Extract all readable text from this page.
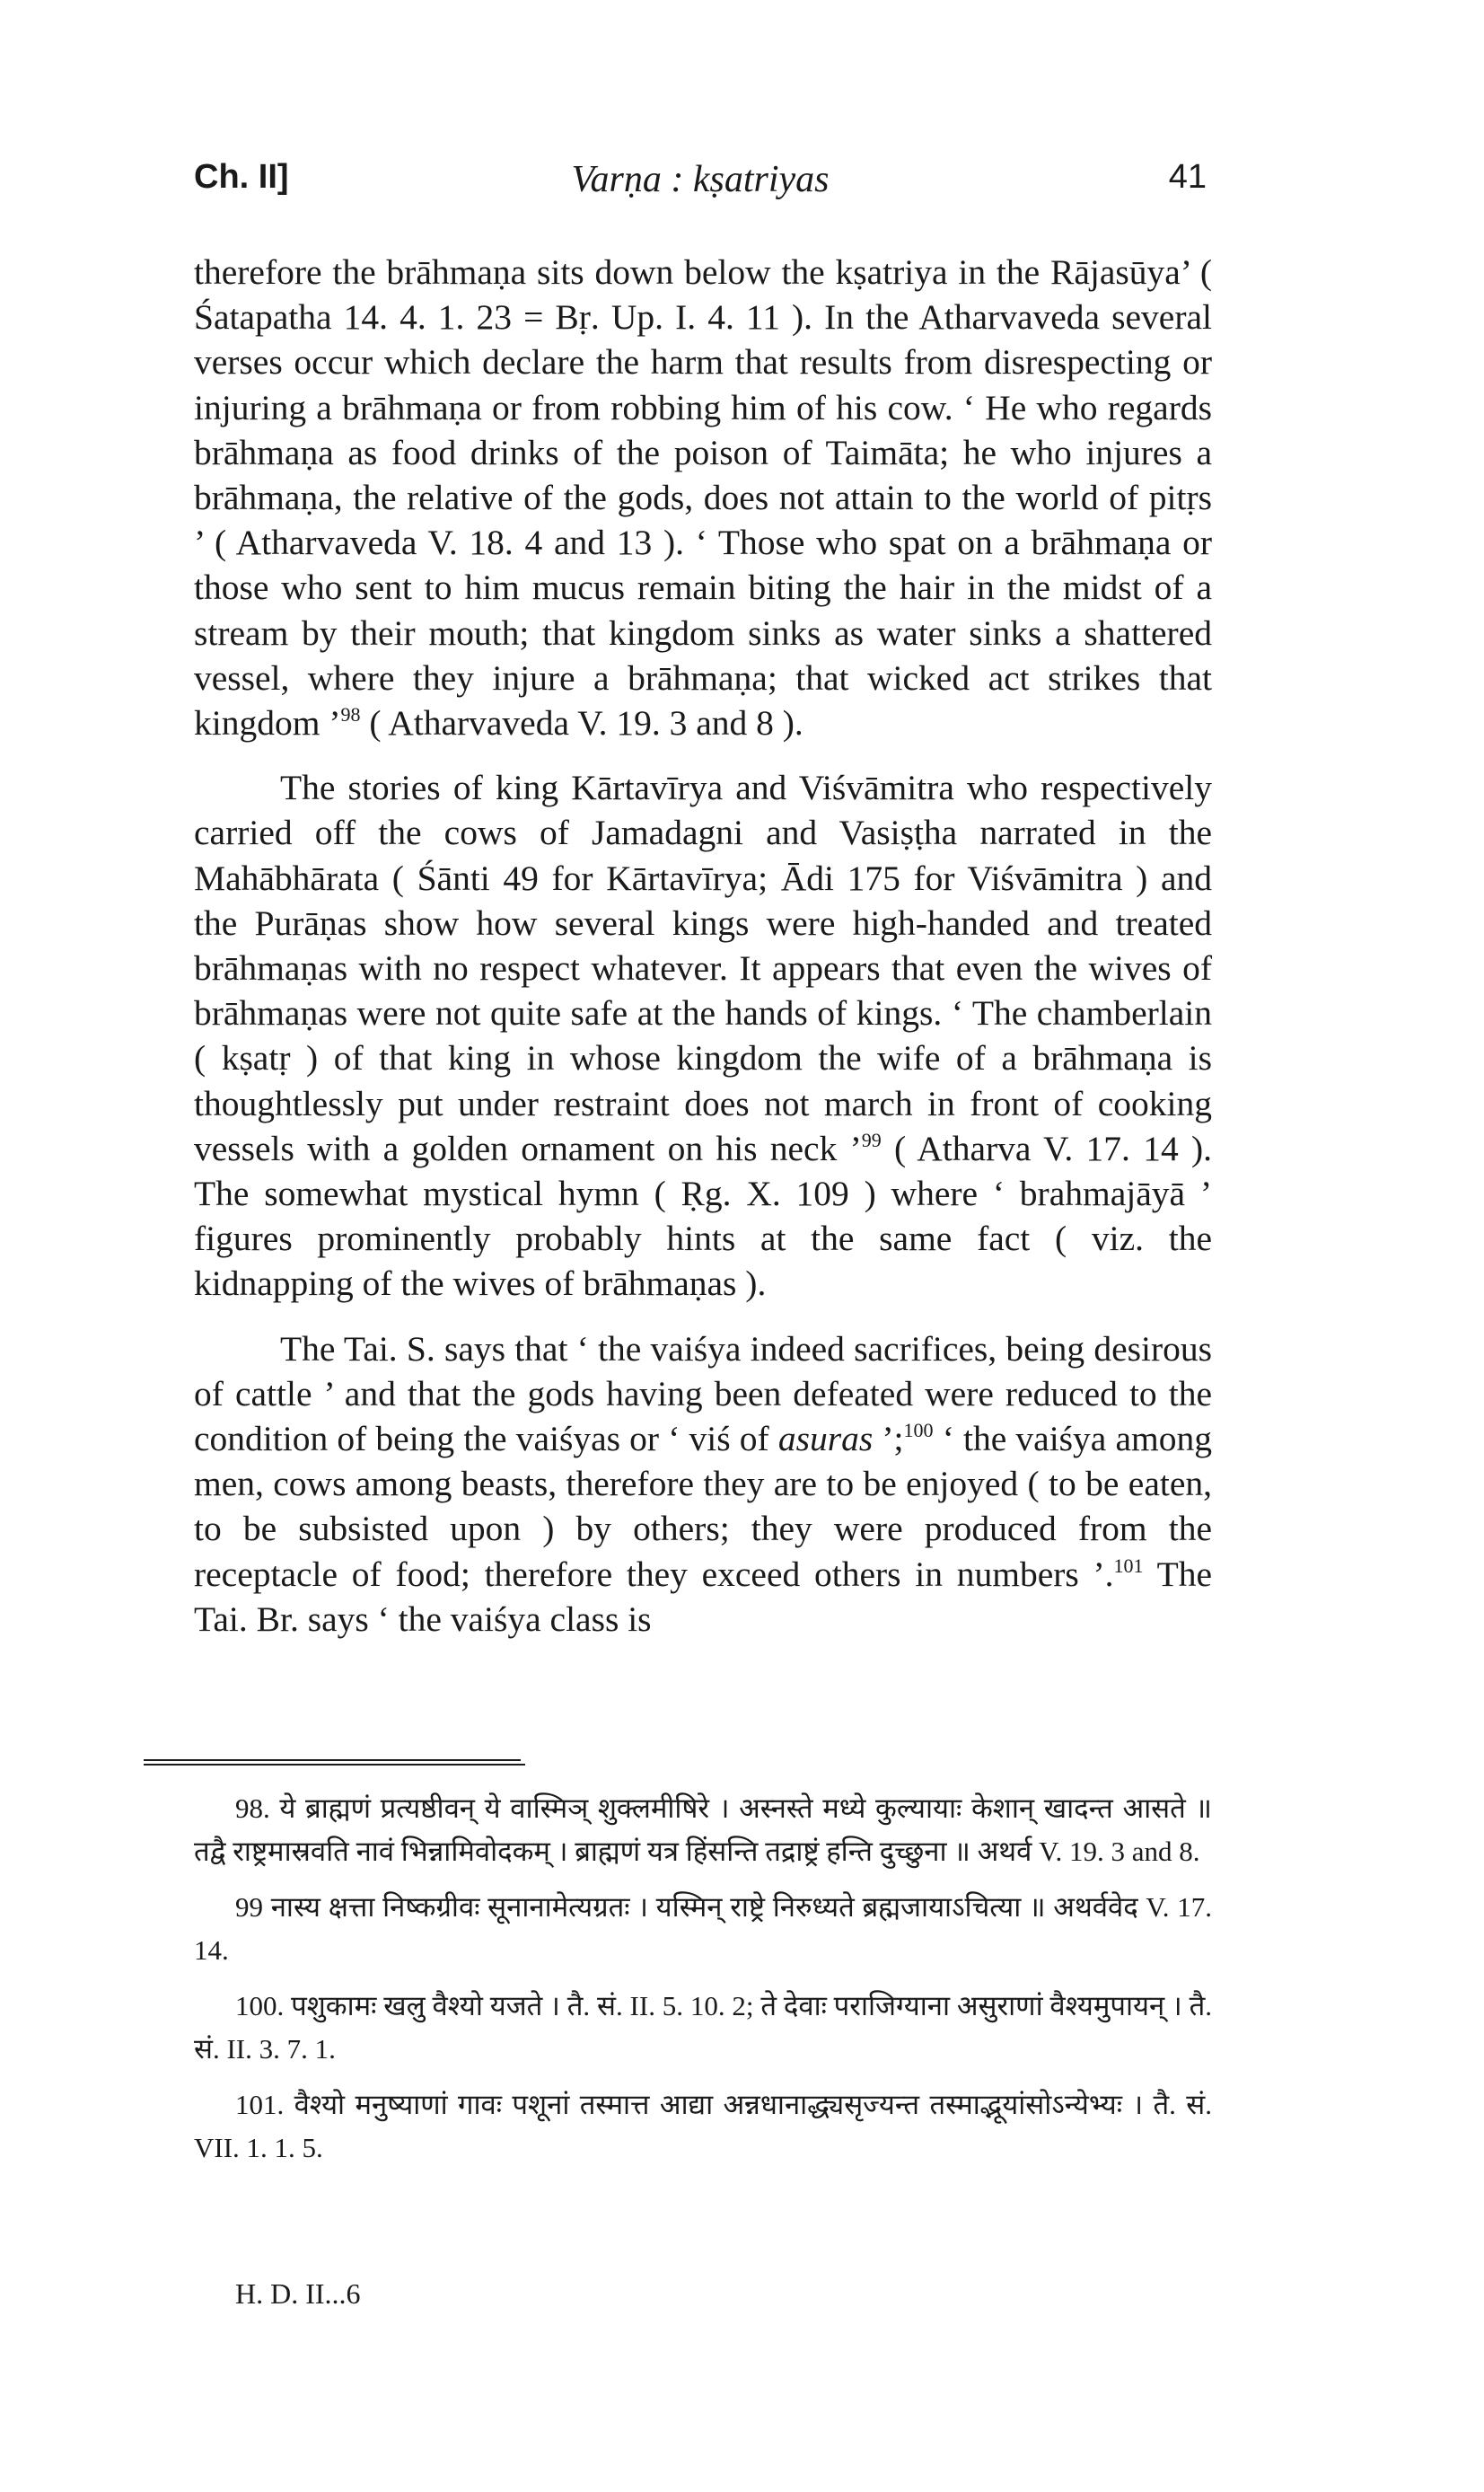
Ch. II]	Varṇa : kṣatriyas	41

therefore the brāhmaṇa sits down below the kṣatriya in the Rājasūya’ ( Śatapatha 14. 4. 1. 23 = Bṛ. Up. I. 4. 11 ). In the Atharvaveda several verses occur which declare the harm that results from disrespecting or injuring a brāhmaṇa or from robbing him of his cow. ‘ He who regards brāhmaṇa as food drinks of the poison of Taimāta; he who injures a brāhmaṇa, the relative of the gods, does not attain to the world of pitṛs ’ ( Atharvaveda V. 18. 4 and 13 ). ‘ Those who spat on a brāhmaṇa or those who sent to him mucus remain biting the hair in the midst of a stream by their mouth; that kingdom sinks as water sinks a shattered vessel, where they injure a brāhmaṇa; that wicked act strikes that kingdom ’$^{98}$ ( Atharvaveda V. 19. 3 and 8 ).

The stories of king Kārtavīrya and Viśvāmitra who respectively carried off the cows of Jamadagni and Vasiṣṭha narrated in the Mahābhārata ( Śānti 49 for Kārtavīrya; Ādi 175 for Viśvāmitra ) and the Purāṇas show how several kings were high-handed and treated brāhmaṇas with no respect whatever. It appears that even the wives of brāhmaṇas were not quite safe at the hands of kings. ‘ The chamberlain ( kṣatṛ ) of that king in whose kingdom the wife of a brāhmaṇa is thoughtlessly put under restraint does not march in front of cooking vessels with a golden ornament on his neck ’$^{99}$ ( Atharva V. 17. 14 ). The somewhat mystical hymn ( Ṛg. X. 109 ) where ‘ brahmajāyā ’ figures prominently probably hints at the same fact ( viz. the kidnapping of the wives of brāhmaṇas ).

The Tai. S. says that ‘ the vaiśya indeed sacrifices, being desirous of cattle ’ and that the gods having been defeated were reduced to the condition of being the vaiśyas or ‘ viś of asuras ’;$^{100}$ ‘ the vaiśya among men, cows among beasts, therefore they are to be enjoyed ( to be eaten, to be subsisted upon ) by others; they were produced from the receptacle of food; therefore they exceed others in numbers ’.$^{101}$ The Tai. Br. says ‘ the vaiśya class is

98. ये ब्राह्मणं प्रत्यष्ठीवन् ये वास्मिञ् शुक्लमीषिरे । अस्नस्ते मध्ये कुल्यायाः केशान् खादन्त आसते ॥ तद्वै राष्ट्रमास्रवति नावं भिन्नामिवोदकम् । ब्राह्मणं यत्र हिंसन्ति तद्राष्ट्रं हन्ति दुच्छुना ॥ अथर्व V. 19. 3 and 8.

99 नास्य क्षत्ता निष्कग्रीवः सूनानामेत्यग्रतः । यस्मिन् राष्ट्रे निरुध्यते ब्रह्मजायाऽचित्या ॥ अथर्ववेद V. 17. 14.

100. पशुकामः खलु वैश्यो यजते । तै. सं. II. 5. 10. 2; ते देवाः पराजिग्याना असुराणां वैश्यमुपायन् । तै. सं. II. 3. 7. 1.

101. वैश्यो मनुष्याणां गावः पशूनां तस्मात्त आद्या अन्नधानाद्ध्यसृज्यन्त तस्माद्भूयांसोऽन्येभ्यः । तै. सं. VII. 1. 1. 5.

H. D. II...6
